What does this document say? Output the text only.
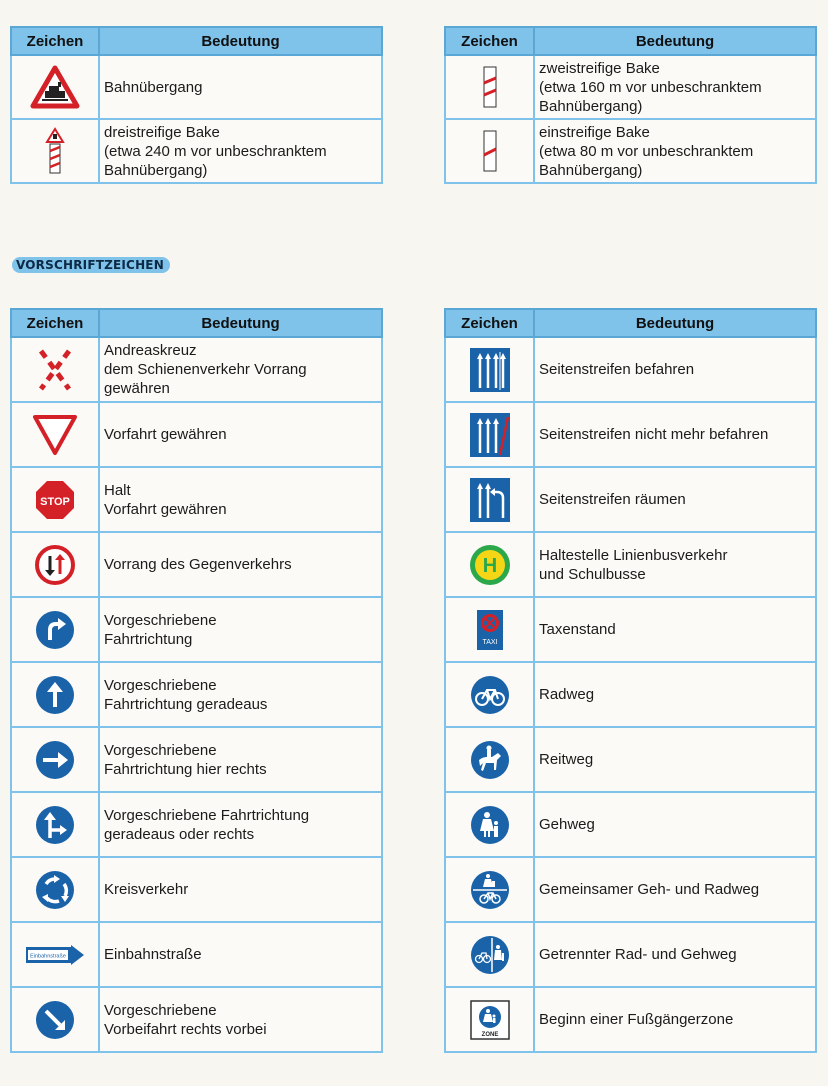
Zeichen	Bedeutung

	Bahnübergang

	dreistreifige Bake
(etwa 240 m vor unbeschranktem
Bahnübergang)
Zeichen	Bedeutung

	zweistreifige Bake
(etwa 160 m vor unbeschranktem
Bahnübergang)

	einstreifige Bake
(etwa 80 m vor unbeschranktem
Bahnübergang)
VORSCHRIFTZEICHEN
Zeichen	Bedeutung

	Andreaskreuz
dem Schienenverkehr Vorrang
gewähren

	Vorfahrt gewähren

STOP	Halt
Vorfahrt gewähren

	Vorrang des Gegenverkehrs

	Vorgeschriebene
Fahrtrichtung

	Vorgeschriebene
Fahrtrichtung geradeaus

	Vorgeschriebene
Fahrtrichtung hier rechts

	Vorgeschriebene Fahrtrichtung
geradeaus oder rechts

	Kreisverkehr

Einbahnstraße	Einbahnstraße

	Vorgeschriebene
Vorbeifahrt rechts vorbei
Zeichen	Bedeutung

	Seitenstreifen befahren

	Seitenstreifen nicht mehr befahren

	Seitenstreifen räumen

H	Haltestelle Linienbusverkehr
und Schulbusse

TAXI	Taxenstand

	Radweg

	Reitweg

	Gehweg

	Gemeinsamer Geh- und Radweg

	Getrennter Rad- und Gehweg

ZONE	Beginn einer Fußgängerzone
